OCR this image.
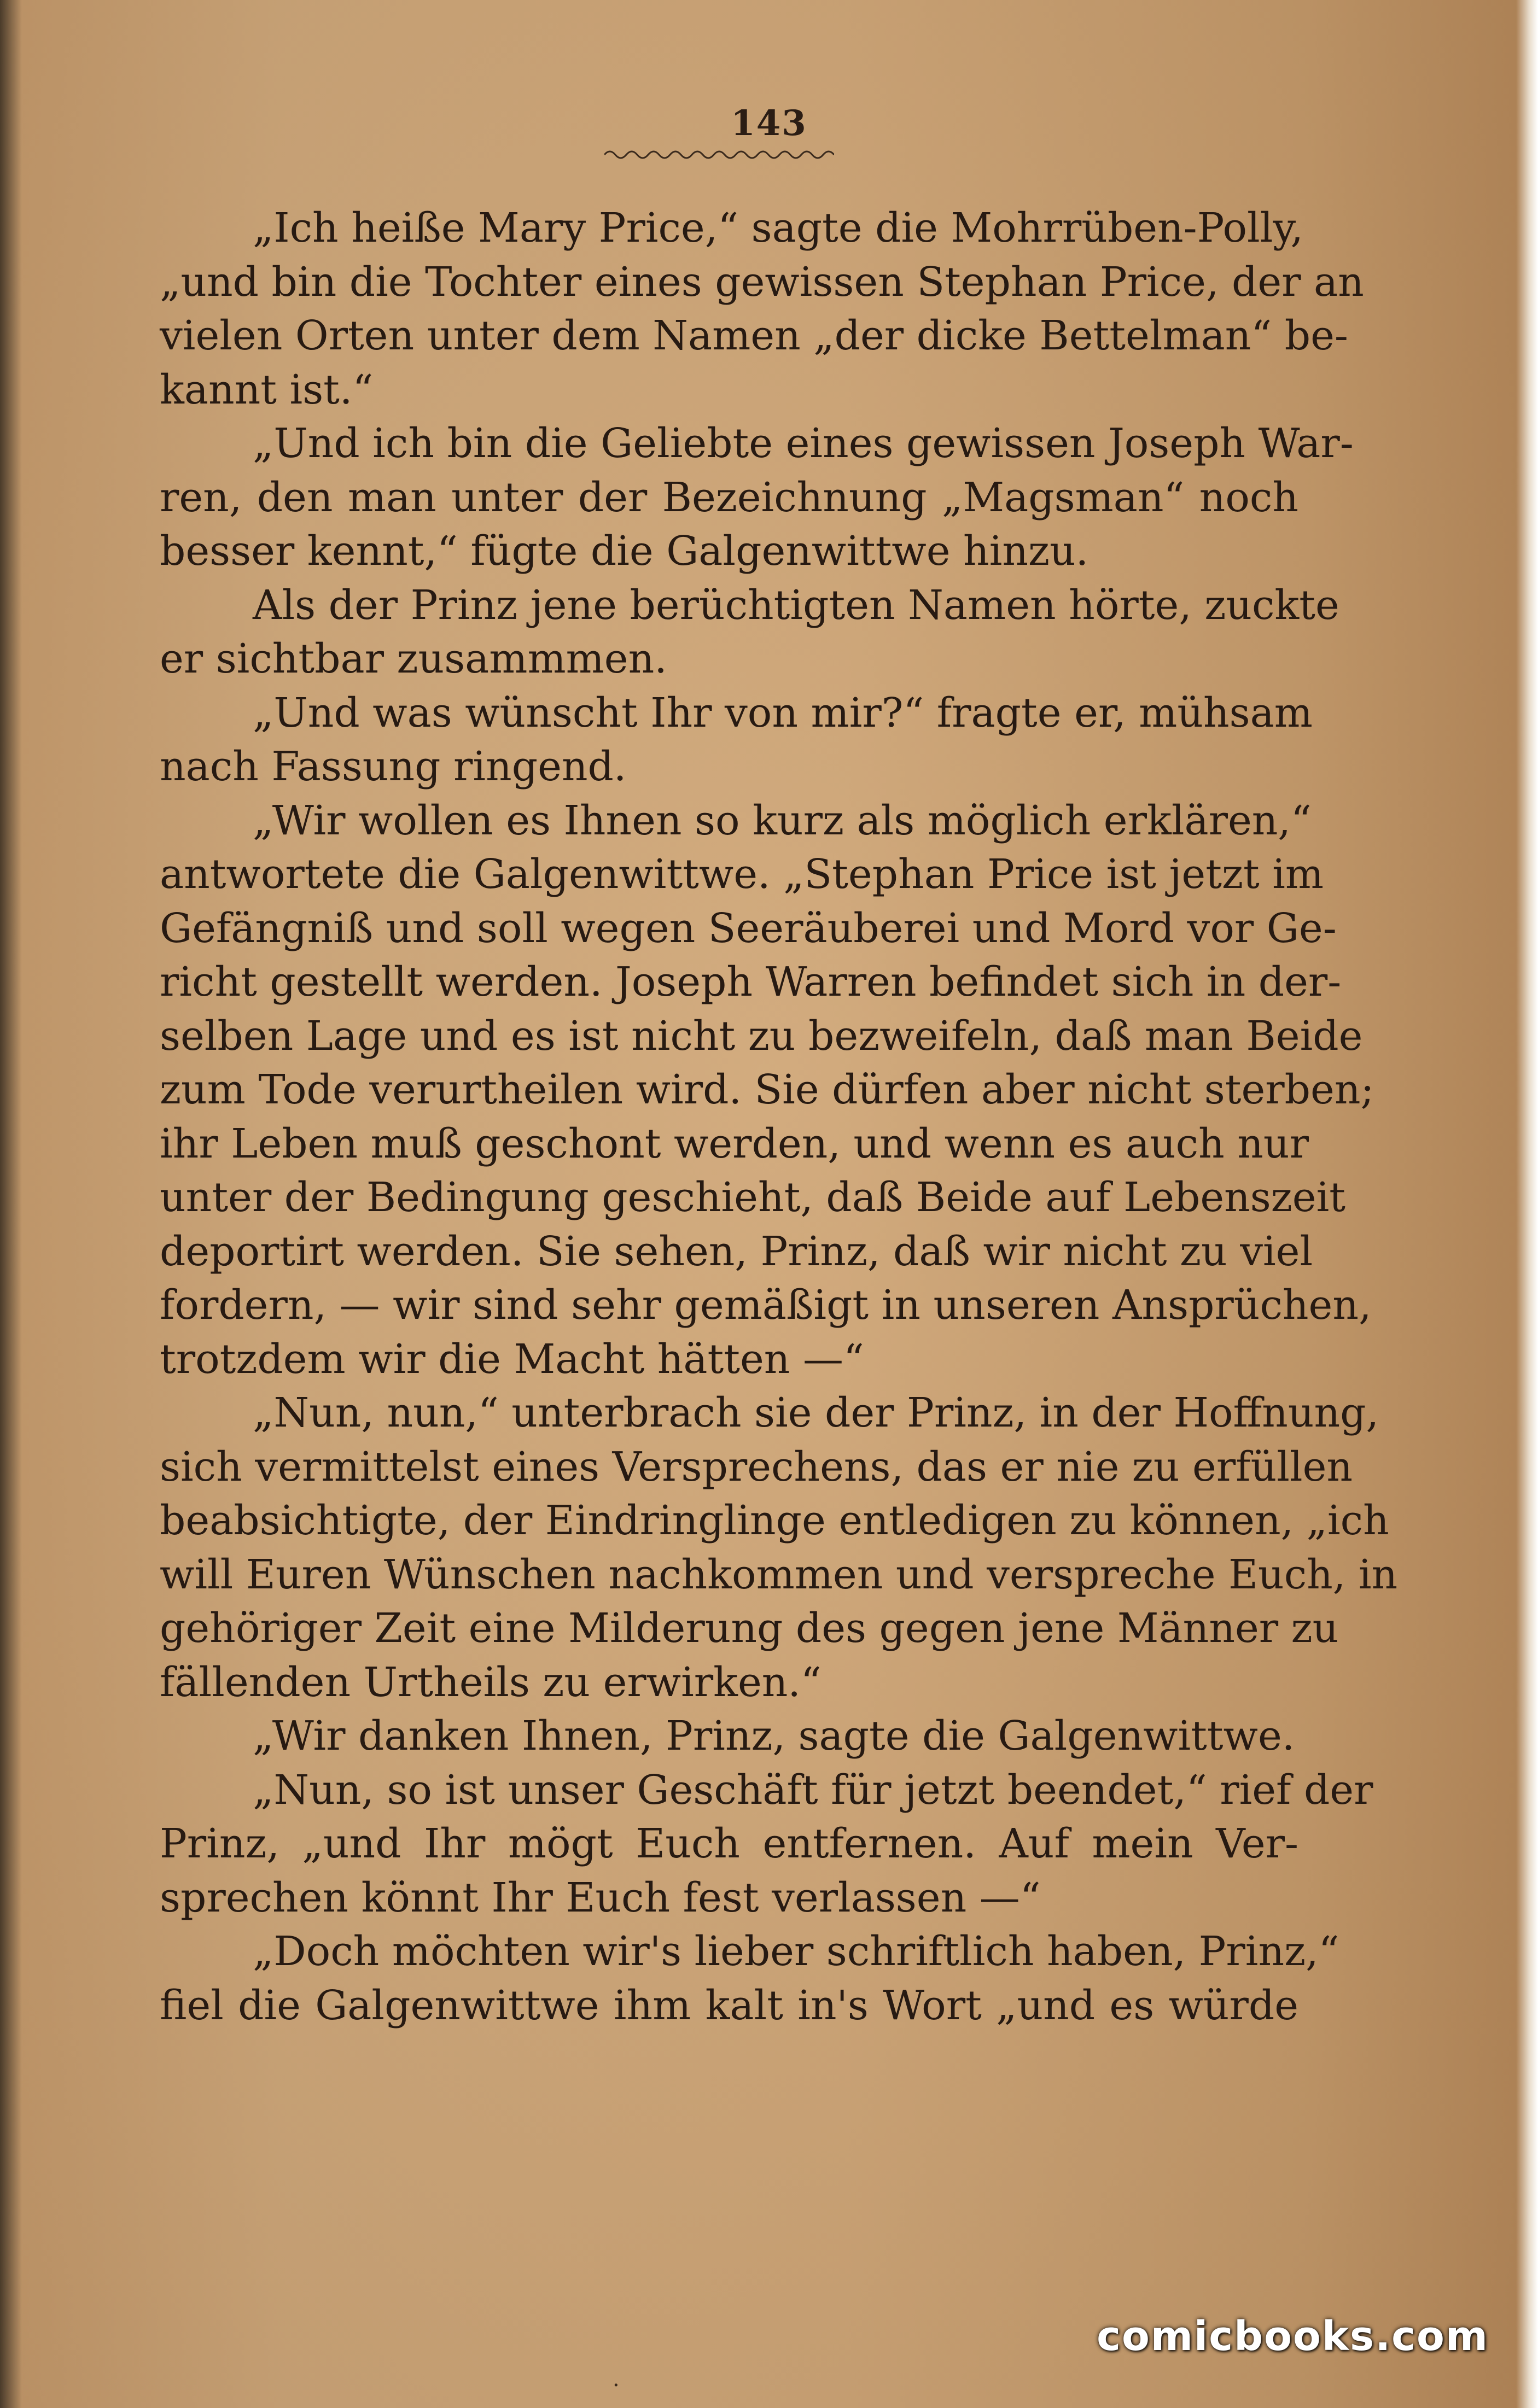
143
„Ich heiße Mary Price,“ sagte die Mohrrüben-Polly,
„und bin die Tochter eines gewissen Stephan Price, der an
vielen Orten unter dem Namen „der dicke Bettelman“ be-
kannt ist.“
„Und ich bin die Geliebte eines gewissen Joseph War-
ren, den man unter der Bezeichnung „Magsman“ noch
besser kennt,“ fügte die Galgenwittwe hinzu.
Als der Prinz jene berüchtigten Namen hörte, zuckte
er sichtbar zusammmen.
„Und was wünscht Ihr von mir?“ fragte er, mühsam
nach Fassung ringend.
„Wir wollen es Ihnen so kurz als möglich erklären,“
antwortete die Galgenwittwe. „Stephan Price ist jetzt im
Gefängniß und soll wegen Seeräuberei und Mord vor Ge-
richt gestellt werden. Joseph Warren befindet sich in der-
selben Lage und es ist nicht zu bezweifeln, daß man Beide
zum Tode verurtheilen wird. Sie dürfen aber nicht sterben;
ihr Leben muß geschont werden, und wenn es auch nur
unter der Bedingung geschieht, daß Beide auf Lebenszeit
deportirt werden. Sie sehen, Prinz, daß wir nicht zu viel
fordern, — wir sind sehr gemäßigt in unseren Ansprüchen,
trotzdem wir die Macht hätten —“
„Nun, nun,“ unterbrach sie der Prinz, in der Hoffnung,
sich vermittelst eines Versprechens, das er nie zu erfüllen
beabsichtigte, der Eindringlinge entledigen zu können, „ich
will Euren Wünschen nachkommen und verspreche Euch, in
gehöriger Zeit eine Milderung des gegen jene Männer zu
fällenden Urtheils zu erwirken.“
„Wir danken Ihnen, Prinz, sagte die Galgenwittwe.
„Nun, so ist unser Geschäft für jetzt beendet,“ rief der
Prinz, „und Ihr mögt Euch entfernen. Auf mein Ver-
sprechen könnt Ihr Euch fest verlassen —“
„Doch möchten wir's lieber schriftlich haben, Prinz,“
fiel die Galgenwittwe ihm kalt in's Wort „und es würde
·
comicbooks.com
